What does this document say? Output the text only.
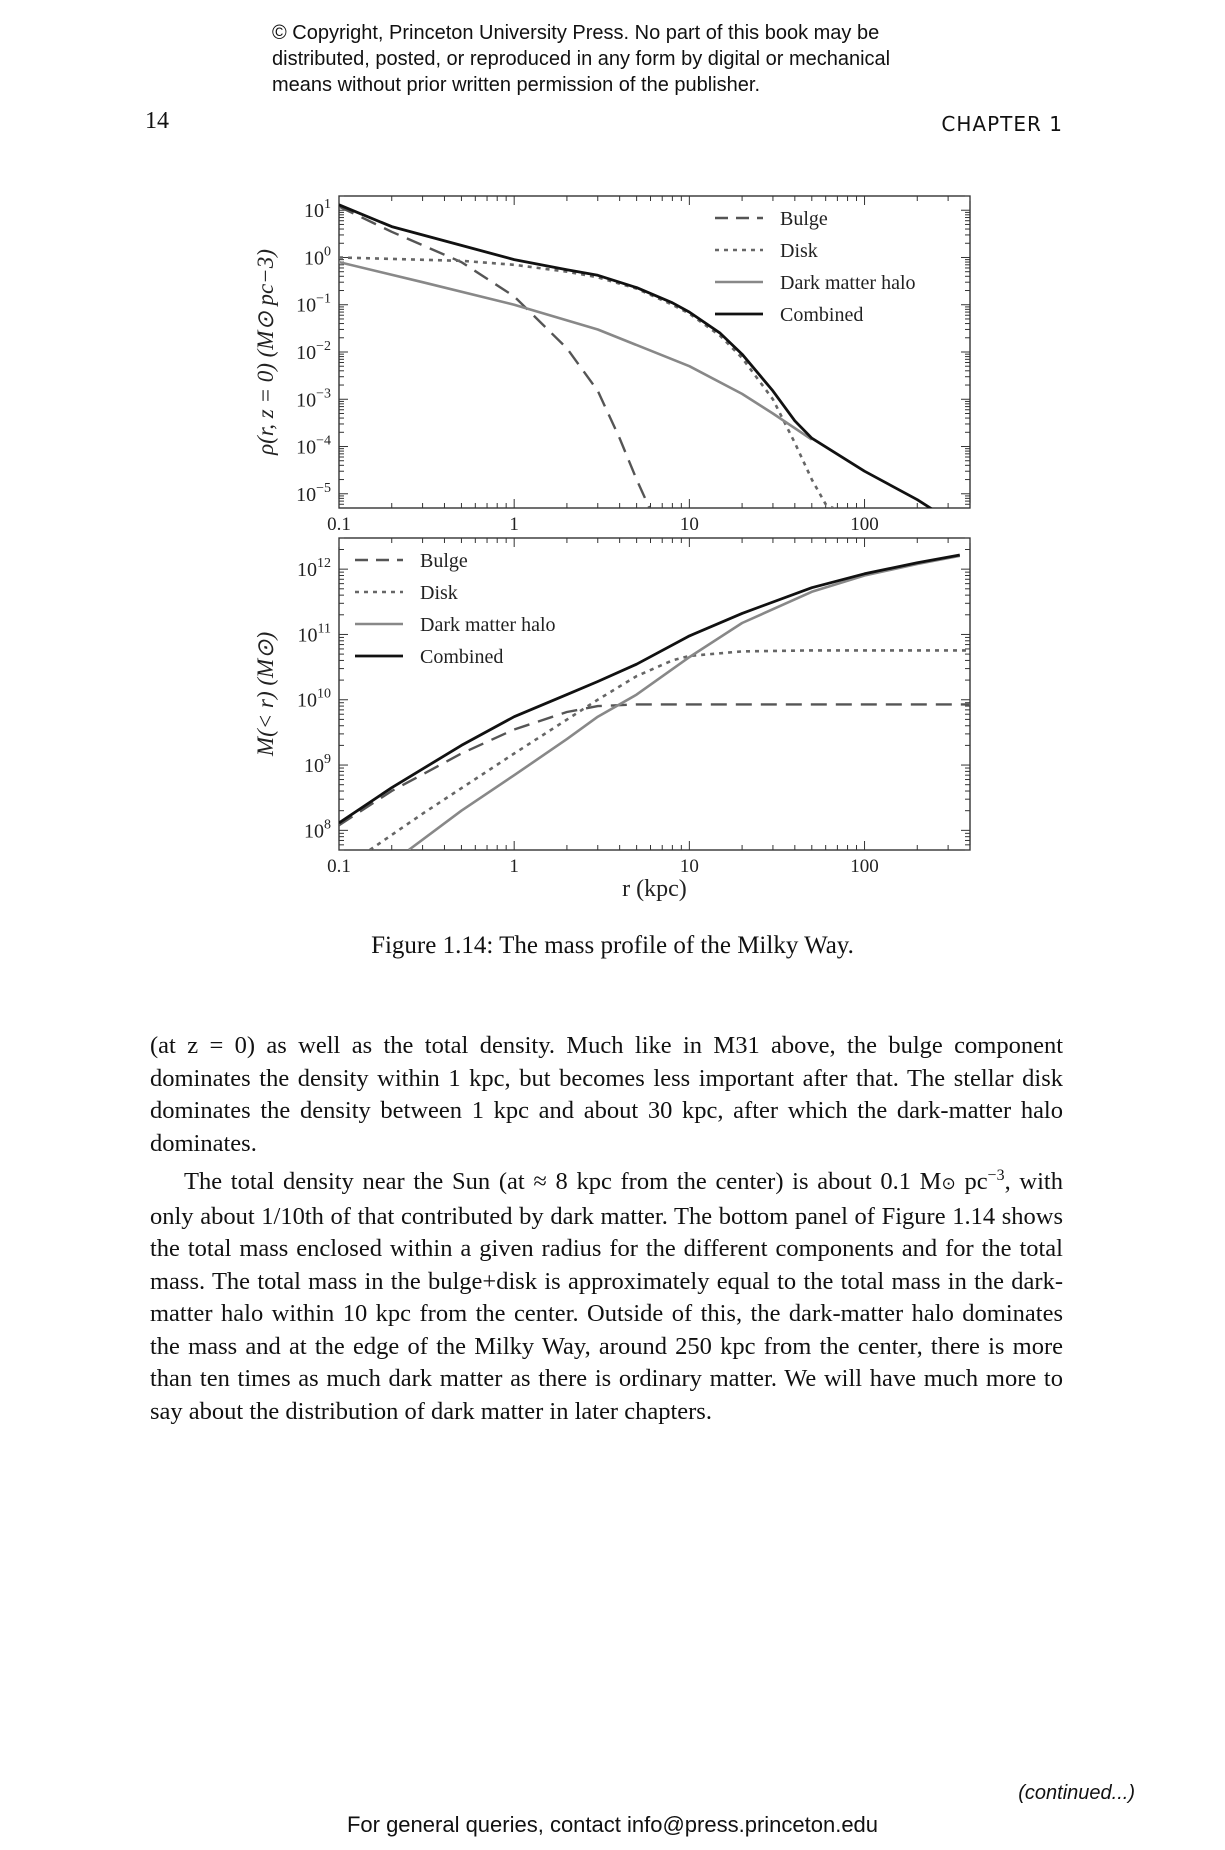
© Copyright, Princeton University Press. No part of this book may be distributed, posted, or reproduced in any form by digital or mechanical means without prior written permission of the publisher.
14	CHAPTER 1
0.1	1	10	100
$10^1$
$10^0$
$10^{-1}$
$10^{-2}$
$10^{-3}$
$10^{-4}$
$10^{-5}$
ρ(r, z = 0) (M⊙ pc−3)
Bulge
Disk
Dark matter halo
Combined
0.1	1	10	100
$10^{12}$
$10^{11}$
$10^{10}$
$10^9$
$10^8$
M(< r) (M⊙)
r (kpc)
Bulge
Disk
Dark matter halo
Combined
Figure 1.14: The mass profile of the Milky Way.

(at z = 0) as well as the total density. Much like in M31 above, the bulge component dominates the density within 1 kpc, but becomes less important after that. The stellar disk dominates the density between 1 kpc and about 30 kpc, after which the dark-matter halo dominates.

The total density near the Sun (at ≈ 8 kpc from the center) is about 0.1 M⊙ $pc^{-3}$, with only about 1/10th of that contributed by dark matter. The bottom panel of Figure 1.14 shows the total mass enclosed within a given radius for the different components and for the total mass. The total mass in the bulge+disk is approximately equal to the total mass in the dark-matter halo within 10 kpc from the center. Outside of this, the dark-matter halo dominates the mass and at the edge of the Milky Way, around 250 kpc from the center, there is more than ten times as much dark matter as there is ordinary matter. We will have much more to say about the distribution of dark matter in later chapters.

(continued...)
For general queries, contact info@press.princeton.edu
